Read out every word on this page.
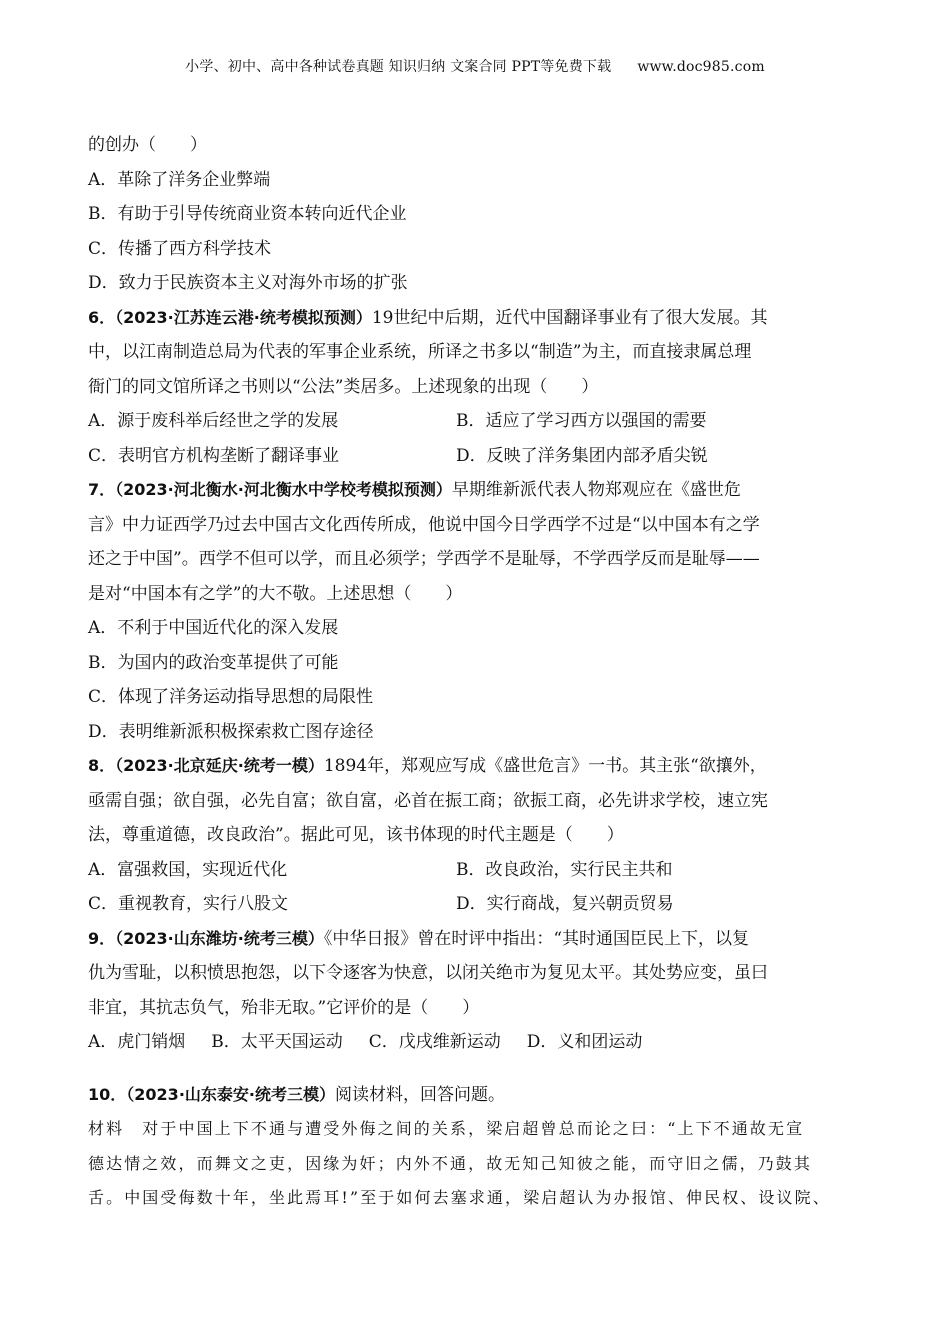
小学、初中、高中各种试卷真题 知识归纳 文案合同 PPT等免费下载 www.doc985.com
的创办（　　）
A．革除了洋务企业弊端
B．有助于引导传统商业资本转向近代企业
C．传播了西方科学技术
D．致力于民族资本主义对海外市场的扩张
6．（2023·江苏连云港·统考模拟预测）19世纪中后期，近代中国翻译事业有了很大发展。其
中，以江南制造总局为代表的军事企业系统，所译之书多以“制造”为主，而直接隶属总理
衙门的同文馆所译之书则以“公法”类居多。上述现象的出现（　　）
A．源于废科举后经世之学的发展	B．适应了学习西方以强国的需要
C．表明官方机构垄断了翻译事业	D．反映了洋务集团内部矛盾尖锐
7．（2023·河北衡水·河北衡水中学校考模拟预测）早期维新派代表人物郑观应在《盛世危
言》中力证西学乃过去中国古文化西传所成，他说中国今日学西学不过是“以中国本有之学
还之于中国”。西学不但可以学，而且必须学；学西学不是耻辱，不学西学反而是耻辱——
是对“中国本有之学”的大不敬。上述思想（　　）
A．不利于中国近代化的深入发展
B．为国内的政治变革提供了可能
C．体现了洋务运动指导思想的局限性
D．表明维新派积极探索救亡图存途径
8．（2023·北京延庆·统考一模）1894年，郑观应写成《盛世危言》一书。其主张“欲攘外，
亟需自强；欲自强，必先自富；欲自富，必首在振工商；欲振工商，必先讲求学校，速立宪
法，尊重道德，改良政治”。据此可见，该书体现的时代主题是（　　）
A．富强救国，实现近代化	B．改良政治，实行民主共和
C．重视教育，实行八股文	D．实行商战，复兴朝贡贸易
9．（2023·山东潍坊·统考三模）《中华日报》曾在时评中指出：“其时通国臣民上下，以复
仇为雪耻，以积愤思抱怨，以下令逐客为快意，以闭关绝市为复见太平。其处势应变，虽曰
非宜，其抗志负气，殆非无取。”它评价的是（　　）
A．虎门销烟 B．太平天国运动 C．戊戌维新运动 D．义和团运动
10．（2023·山东泰安·统考三模）阅读材料，回答问题。
材料　对于中国上下不通与遭受外侮之间的关系，梁启超曾总而论之曰：“上下不通故无宣
德达情之效，而舞文之吏，因缘为奸；内外不通，故无知己知彼之能，而守旧之儒，乃鼓其
舌。中国受侮数十年，坐此焉耳!”至于如何去塞求通，梁启超认为办报馆、伸民权、设议院、
